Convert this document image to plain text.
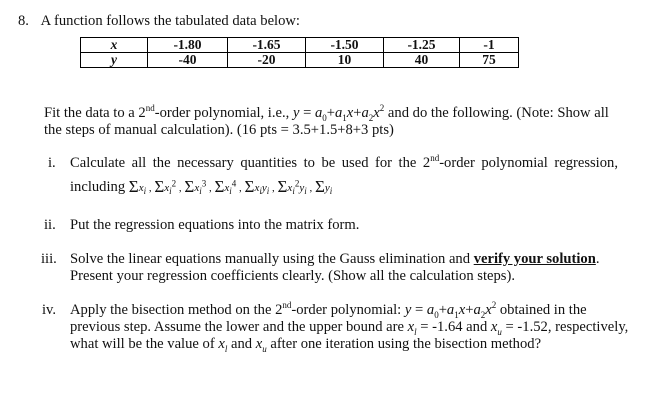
8. A function follows the tabulated data below:
x	-1.80	-1.65	-1.50	-1.25	-1
y	-40	-20	10	40	75
Fit the data to a 2nd-order polynomial, i.e., $y = a_0+a_1x+a_2x^2$ and do the following. (Note: Show all
the steps of manual calculation). (16 pts = 3.5+1.5+8+3 pts)
i. Calculate all the necessary quantities to be used for the 2nd-order polynomial regression,
including $\Sigma x_i$ , $\Sigma x_i^2$ , $\Sigma x_i^3$ , $\Sigma x_i^4$ , $\Sigma x_iy_i$ , $\Sigma x_i^2y_i$ , $\Sigma y_i$
ii. Put the regression equations into the matrix form.
iii. Solve the linear equations manually using the Gauss elimination and verify your solution.
Present your regression coefficients clearly. (Show all the calculation steps).
iv. Apply the bisection method on the 2nd-order polynomial: $y = a_0+a_1x+a_2x^2$ obtained in the
previous step. Assume the lower and the upper bound are $x_l = -1.64$ and $x_u = -1.52$, respectively,
what will be the value of $x_l$ and $x_u$ after one iteration using the bisection method?
